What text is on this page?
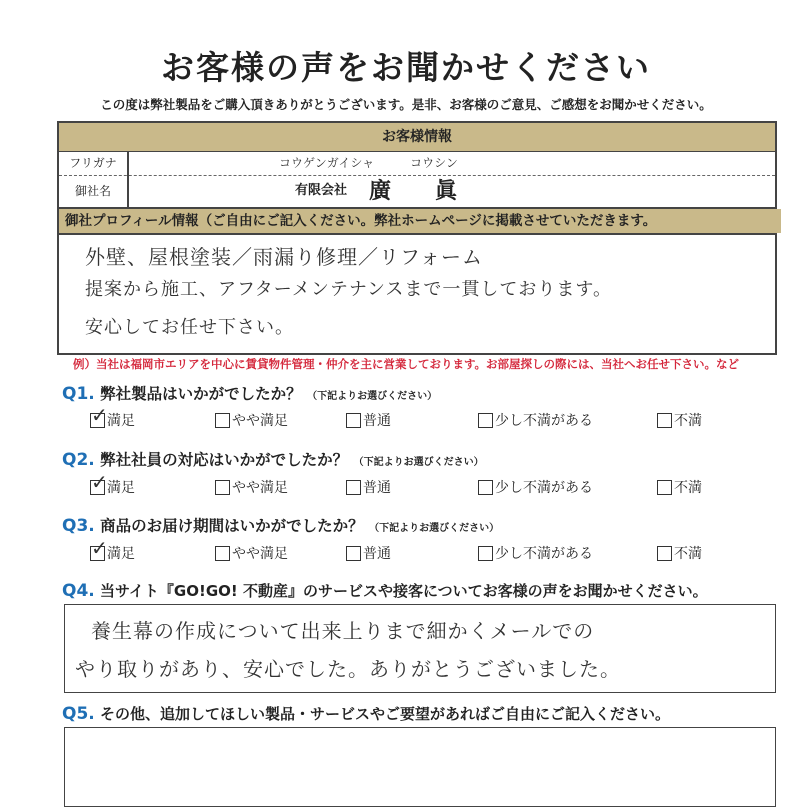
お客様の声をお聞かせください
この度は弊社製品をご購入頂きありがとうございます。是非、お客様のご意見、ご感想をお聞かせください。
お客様情報
フリガナ	コウゲンガイシャ　　　コウシン
御社名	有限会社 廣　　眞
御社プロフィール情報（ご自由にご記入ください。弊社ホームページに掲載させていただきます。
外壁、屋根塗装／雨漏り修理／リフォーム
提案から施工、アフターメンテナンスまで一貫しております。
安心してお任せ下さい。
例）当社は福岡市エリアを中心に賃貸物件管理・仲介を主に営業しております。お部屋探しの際には、当社へお任せ下さい。など
Q1. 弊社製品はいかがでしたか？ （下記よりお選びください）
✓ 満足	やや満足	普通	少し不満がある	不満
Q2. 弊社社員の対応はいかがでしたか？ （下記よりお選びください）
✓ 満足	やや満足	普通	少し不満がある	不満
Q3. 商品のお届け期間はいかがでしたか？ （下記よりお選びください）
✓ 満足	やや満足	普通	少し不満がある	不満
Q4. 当サイト『GO!GO! 不動産』のサービスや接客についてお客様の声をお聞かせください。
養生幕の作成について出来上りまで細かくメールでの
やり取りがあり、安心でした。ありがとうございました。
Q5. その他、追加してほしい製品・サービスやご要望があればご自由にご記入ください。
